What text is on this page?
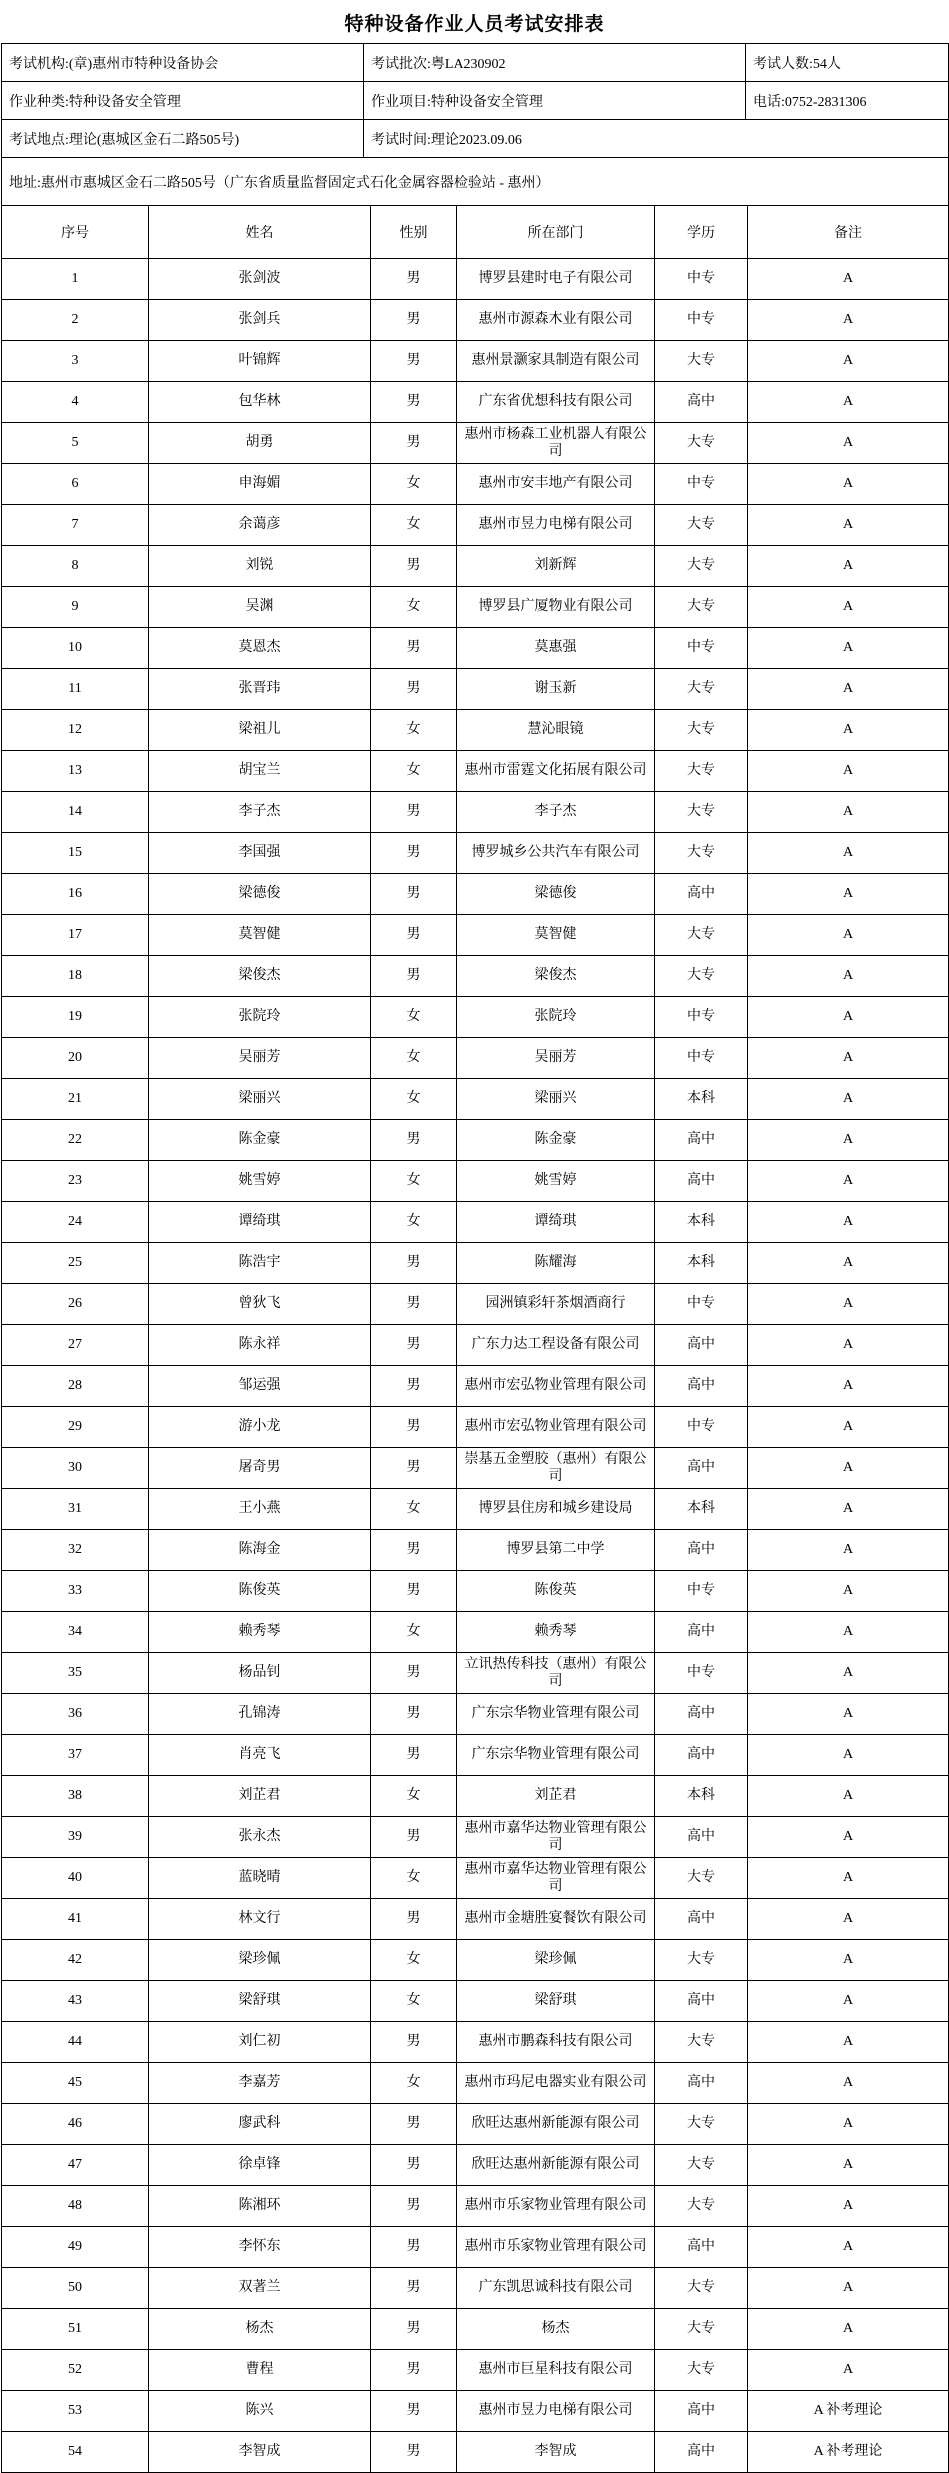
特种设备作业人员考试安排表
考试机构:(章)惠州市特种设备协会	考试批次:粤LA230902	考试人数:54人
作业种类:特种设备安全管理	作业项目:特种设备安全管理	电话:0752-2831306
考试地点:理论(惠城区金石二路505号)	考试时间:理论2023.09.06	
地址:惠州市惠城区金石二路505号（广东省质量监督固定式石化金属容器检验站 - 惠州）		
序号	姓名	性别	所在部门	学历	备注
1	张剑波	男	博罗县建时电子有限公司	中专	A
2	张剑兵	男	惠州市源森木业有限公司	中专	A
3	叶锦辉	男	惠州景灏家具制造有限公司	大专	A
4	包华林	男	广东省优想科技有限公司	高中	A
5	胡勇	男	惠州市杨森工业机器人有限公司	大专	A
6	申海媚	女	惠州市安丰地产有限公司	中专	A
7	余蔼彦	女	惠州市昱力电梯有限公司	大专	A
8	刘锐	男	刘新辉	大专	A
9	吴渊	女	博罗县广厦物业有限公司	大专	A
10	莫恩杰	男	莫惠强	中专	A
11	张晋玮	男	谢玉新	大专	A
12	梁祖儿	女	慧沁眼镜	大专	A
13	胡宝兰	女	惠州市雷霆文化拓展有限公司	大专	A
14	李子杰	男	李子杰	大专	A
15	李国强	男	博罗城乡公共汽车有限公司	大专	A
16	梁德俊	男	梁德俊	高中	A
17	莫智健	男	莫智健	大专	A
18	梁俊杰	男	梁俊杰	大专	A
19	张院玲	女	张院玲	中专	A
20	吴丽芳	女	吴丽芳	中专	A
21	梁丽兴	女	梁丽兴	本科	A
22	陈金豪	男	陈金豪	高中	A
23	姚雪婷	女	姚雪婷	高中	A
24	谭绮琪	女	谭绮琪	本科	A
25	陈浩宇	男	陈耀海	本科	A
26	曾狄飞	男	园洲镇彩轩茶烟酒商行	中专	A
27	陈永祥	男	广东力达工程设备有限公司	高中	A
28	邹运强	男	惠州市宏弘物业管理有限公司	高中	A
29	游小龙	男	惠州市宏弘物业管理有限公司	中专	A
30	屠奇男	男	崇基五金塑胶（惠州）有限公司	高中	A
31	王小燕	女	博罗县住房和城乡建设局	本科	A
32	陈海金	男	博罗县第二中学	高中	A
33	陈俊英	男	陈俊英	中专	A
34	赖秀琴	女	赖秀琴	高中	A
35	杨品钊	男	立讯热传科技（惠州）有限公司	中专	A
36	孔锦涛	男	广东宗华物业管理有限公司	高中	A
37	肖亮飞	男	广东宗华物业管理有限公司	高中	A
38	刘芷君	女	刘芷君	本科	A
39	张永杰	男	惠州市嘉华达物业管理有限公司	高中	A
40	蓝晓晴	女	惠州市嘉华达物业管理有限公司	大专	A
41	林文行	男	惠州市金塘胜宴餐饮有限公司	高中	A
42	梁珍佩	女	梁珍佩	大专	A
43	梁舒琪	女	梁舒琪	高中	A
44	刘仁初	男	惠州市鹏森科技有限公司	大专	A
45	李嘉芳	女	惠州市玛尼电器实业有限公司	高中	A
46	廖武科	男	欣旺达惠州新能源有限公司	大专	A
47	徐卓锋	男	欣旺达惠州新能源有限公司	大专	A
48	陈湘环	男	惠州市乐家物业管理有限公司	大专	A
49	李怀东	男	惠州市乐家物业管理有限公司	高中	A
50	双著兰	男	广东凯思诚科技有限公司	大专	A
51	杨杰	男	杨杰	大专	A
52	曹程	男	惠州市巨星科技有限公司	大专	A
53	陈兴	男	惠州市昱力电梯有限公司	高中	A 补考理论
54	李智成	男	李智成	高中	A 补考理论
